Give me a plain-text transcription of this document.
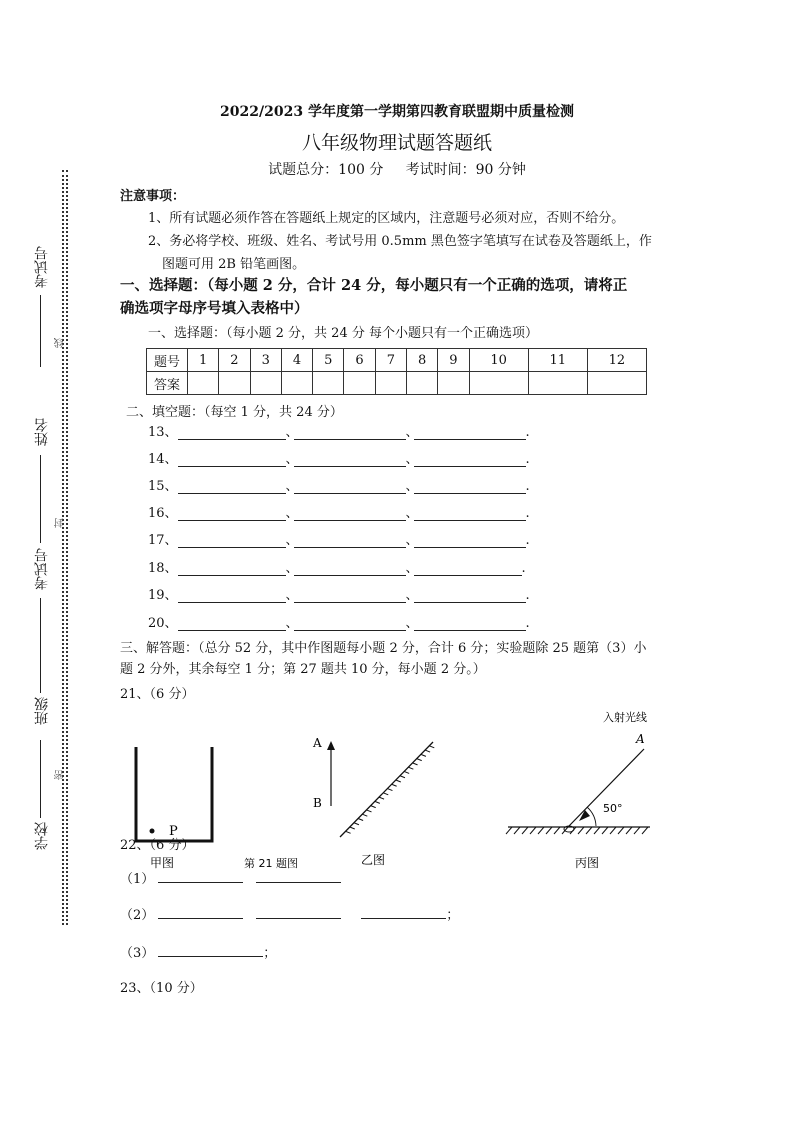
2022/2023 学年度第一学期第四教育联盟期中质量检测
八年级物理试题答题纸
试题总分：100 分     考试时间：90 分钟
考试号
姓名
考试号
班级
学校
线
封
密
注意事项：
1、所有试题必须作答在答题纸上规定的区域内，注意题号必须对应，否则不给分。
2、务必将学校、班级、姓名、考试号用 0.5mm 黑色签字笔填写在试卷及答题纸上，作
图题可用 2B 铅笔画图。
一、选择题：（每小题 2 分，合计 24 分，每小题只有一个正确的选项，请将正
确选项字母序号填入表格中）
一、选择题：（每小题 2 分，共 24 分 每个小题只有一个正确选项）
题号	1	2	3	4	5	6	7	8	9	10	11	12
答案												
二、填空题：（每空 1 分，共 24 分）
13、	、	、	.
14、	、	、	.
15、	、	、	.
16、	、	、	.
17、	、	、	.
18、	、	、	.
19、	、	、	.
20、	、	、	.
三、解答题：（总分 52 分，其中作图题每小题 2 分，合计 6 分；实验题除 25 题第（3）小
题 2 分外，其余每空 1 分；第 27 题共 10 分，每小题 2 分。）
21、（6 分）
P
A
B
入射光线
A
50°
甲图	第 21 题图	乙图	丙图
22、（6 分）
（1）
（2）	；
（3）	；
23、（10 分）
